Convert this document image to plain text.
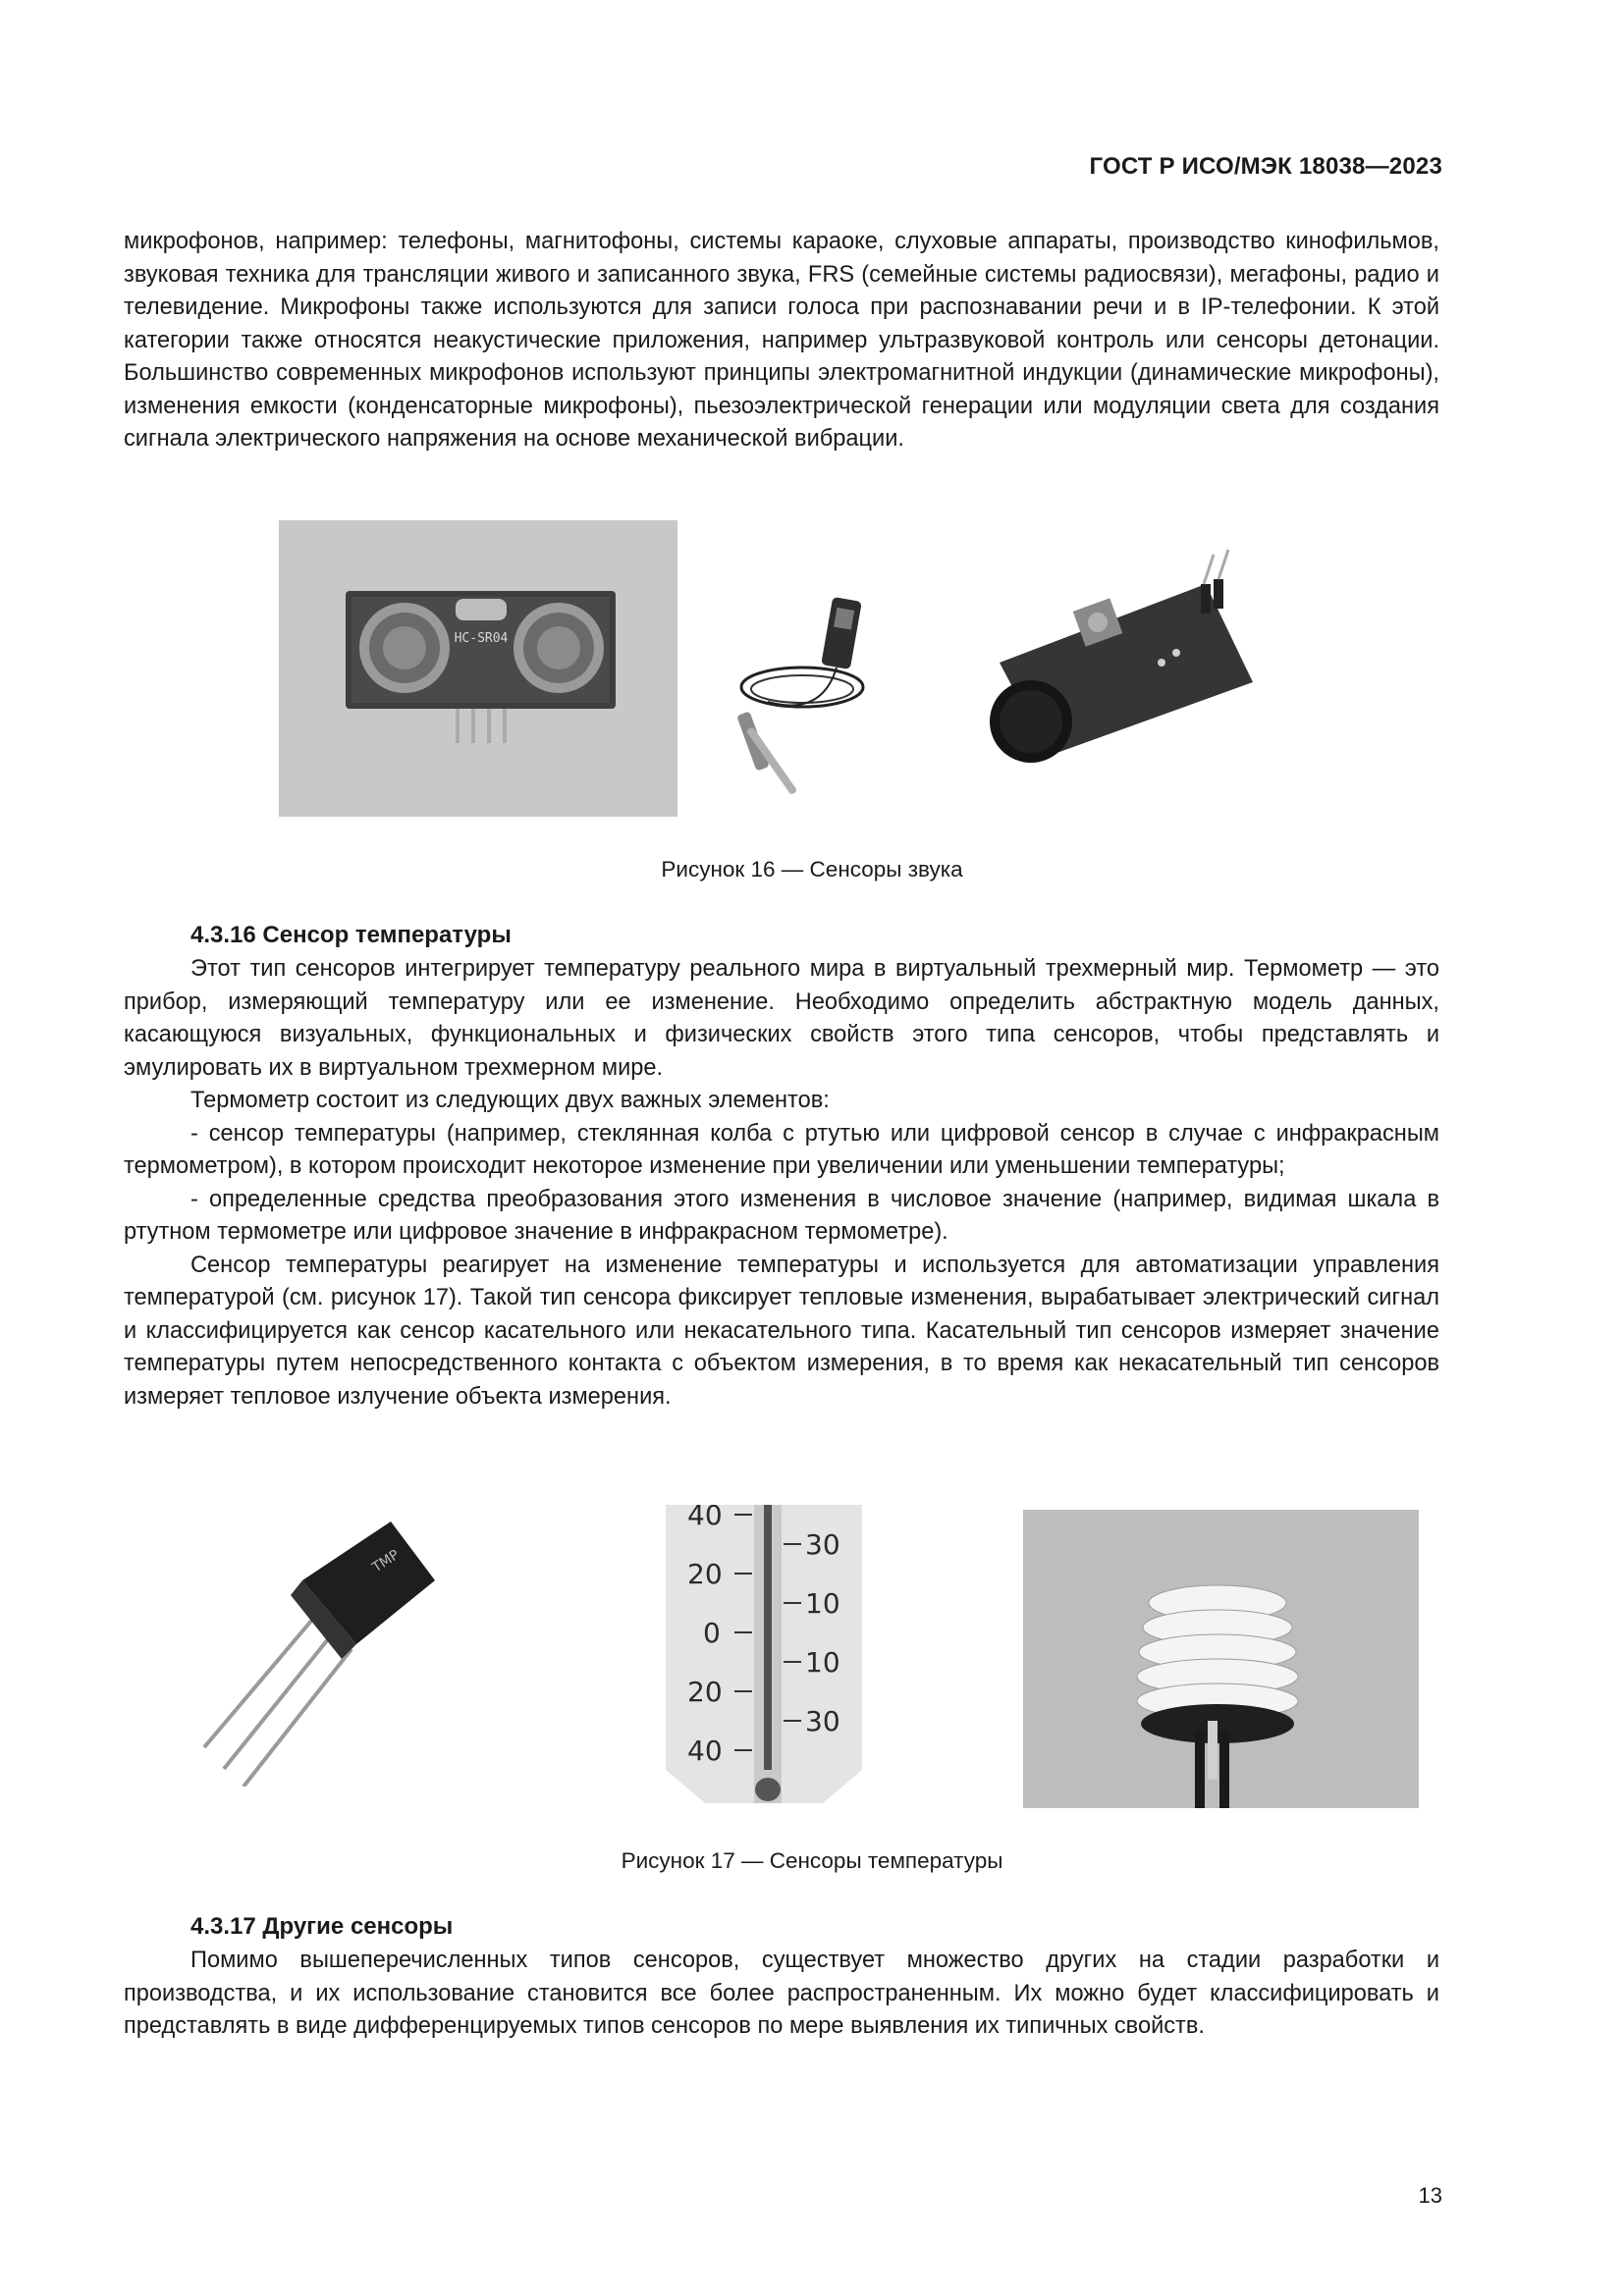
ГОСТ Р ИСО/МЭК 18038—2023

микрофонов, например: телефоны, магнитофоны, системы караоке, слуховые аппараты, производство кинофильмов, звуковая техника для трансляции живого и записанного звука, FRS (семейные системы радиосвязи), мегафоны, радио и телевидение. Микрофоны также используются для записи голоса при распознавании речи и в IP-телефонии. К этой категории также относятся неакустические приложения, например ультразвуковой контроль или сенсоры детонации. Большинство современных микрофонов используют принципы электромагнитной индукции (динамические микрофоны), изменения емкости (конденсаторные микрофоны), пьезоэлектрической генерации или модуляции света для создания сигнала электрического напряжения на основе механической вибрации.

HC-SR04
Рисунок 16 — Сенсоры звука
4.3.16 Сенсор температуры

Этот тип сенсоров интегрирует температуру реального мира в виртуальный трехмерный мир. Термометр — это прибор, измеряющий температуру или ее изменение. Необходимо определить абстрактную модель данных, касающуюся визуальных, функциональных и физических свойств этого типа сенсоров, чтобы представлять и эмулировать их в виртуальном трехмерном мире.

Термометр состоит из следующих двух важных элементов:

- сенсор температуры (например, стеклянная колба с ртутью или цифровой сенсор в случае с инфракрасным термометром), в котором происходит некоторое изменение при увеличении или уменьшении температуры;

- определенные средства преобразования этого изменения в числовое значение (например, видимая шкала в ртутном термометре или цифровое значение в инфракрасном термометре).

Сенсор температуры реагирует на изменение температуры и используется для автоматизации управления температурой (см. рисунок 17). Такой тип сенсора фиксирует тепловые изменения, вырабатывает электрический сигнал и классифицируется как сенсор касательного или некасательного типа. Касательный тип сенсоров измеряет значение температуры путем непосредственного контакта с объектом измерения, в то время как некасательный тип сенсоров измеряет тепловое излучение объекта измерения.

TMP
40
20
0
20
40
30
10
10
30
Рисунок 17 — Сенсоры температуры
4.3.17 Другие сенсоры

Помимо вышеперечисленных типов сенсоров, существует множество других на стадии разработки и производства, и их использование становится все более распространенным. Их можно будет классифицировать и представлять в виде дифференцируемых типов сенсоров по мере выявления их типичных свойств.

13
